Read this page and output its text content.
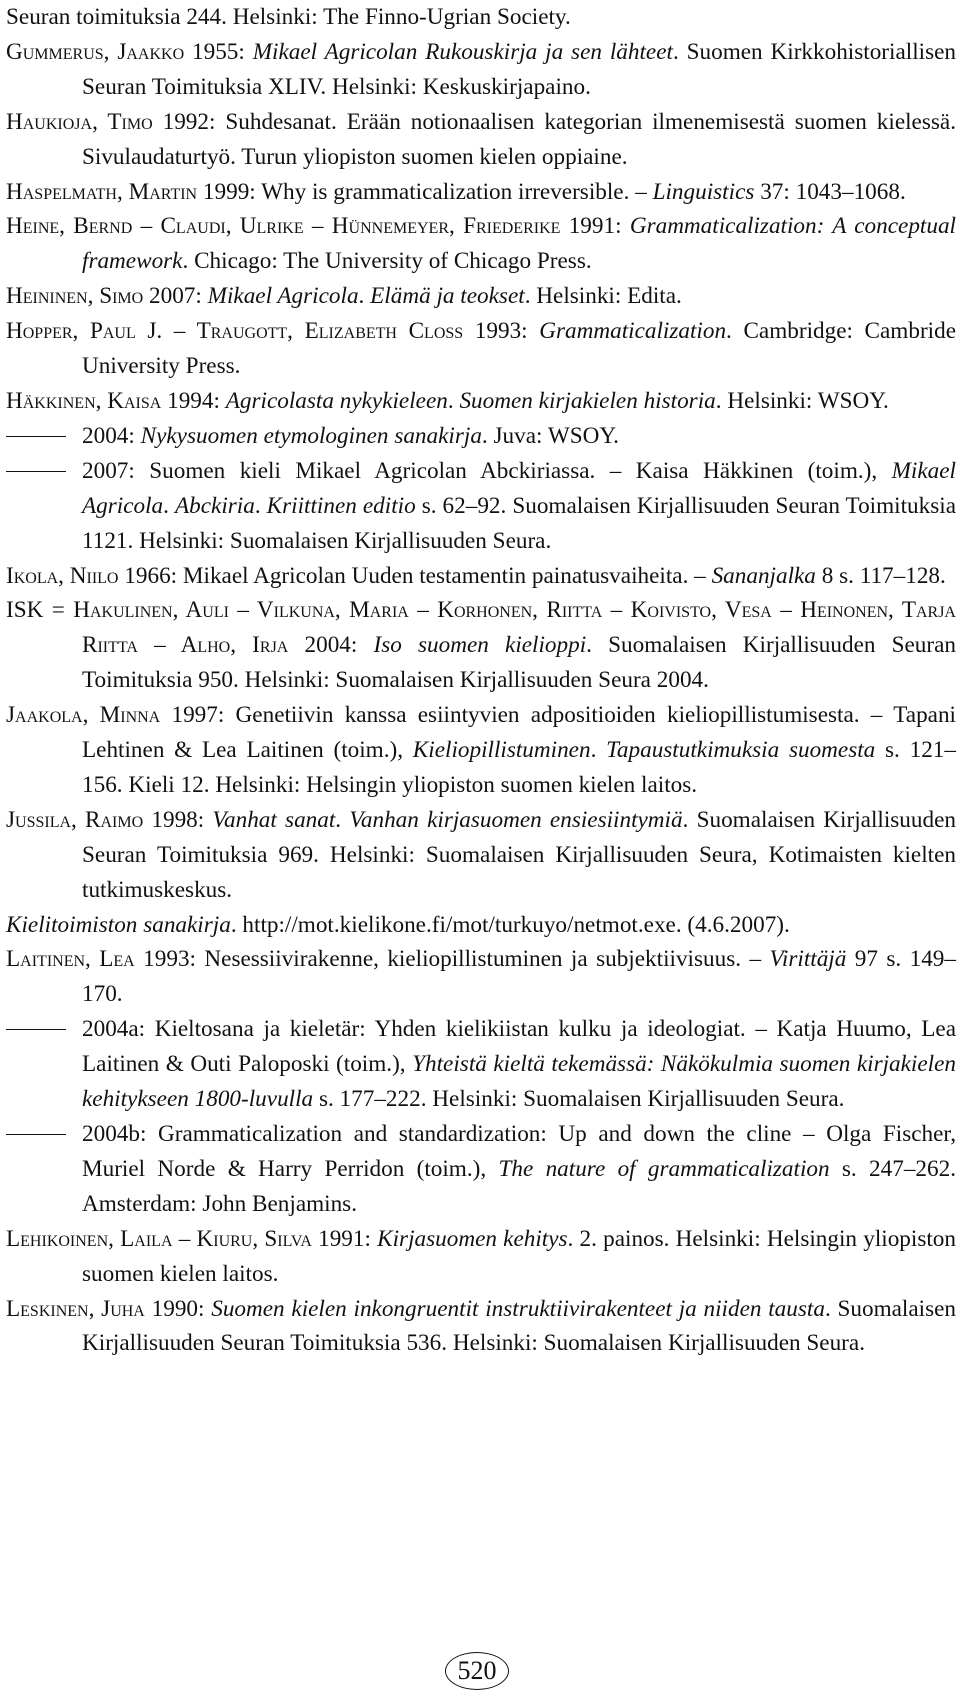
Seuran toimituksia 244. Helsinki: The Finno-Ugrian Society.
Gummerus, Jaakko 1955: Mikael Agricolan Rukouskirja ja sen lähteet. Suomen Kirkkohistoriallisen Seuran Toimituksia XLIV. Helsinki: Keskuskirjapaino.
Haukioja, Timo 1992: Suhdesanat. Erään notionaalisen kategorian ilmenemisestä suomen kielessä. Sivulaudaturtyö. Turun yliopiston suomen kielen oppiaine.
Haspelmath, Martin 1999: Why is grammaticalization irreversible. – Linguistics 37: 1043–1068.
Heine, Bernd – Claudi, Ulrike – Hünnemeyer, Friederike 1991: Grammaticalization: A conceptual framework. Chicago: The University of Chicago Press.
Heininen, Simo 2007: Mikael Agricola. Elämä ja teokset. Helsinki: Edita.
Hopper, Paul J. – Traugott, Elizabeth Closs 1993: Grammaticalization. Cambridge: Cambride University Press.
Häkkinen, Kaisa 1994: Agricolasta nykykieleen. Suomen kirjakielen historia. Helsinki: WSOY.
2004: Nykysuomen etymologinen sanakirja. Juva: WSOY.
2007: Suomen kieli Mikael Agricolan Abckiriassa. – Kaisa Häkkinen (toim.), Mikael Agricola. Abckiria. Kriittinen editio s. 62–92. Suomalaisen Kirjallisuuden Seuran Toimituksia 1121. Helsinki: Suomalaisen Kirjallisuuden Seura.
Ikola, Niilo 1966: Mikael Agricolan Uuden testamentin painatusvaiheita. – Sananjalka 8 s. 117–128.
ISK = Hakulinen, Auli – Vilkuna, Maria – Korhonen, Riitta – Koivisto, Vesa – Heinonen, Tarja Riitta – Alho, Irja 2004: Iso suomen kielioppi. Suomalaisen Kirjallisuuden Seuran Toimituksia 950. Helsinki: Suomalaisen Kirjallisuuden Seura 2004.
Jaakola, Minna 1997: Genetiivin kanssa esiintyvien adpositioiden kieliopillistumisesta. – Tapani Lehtinen & Lea Laitinen (toim.), Kieliopillistuminen. Tapaustutkimuksia suomesta s. 121–156. Kieli 12. Helsinki: Helsingin yliopiston suomen kielen laitos.
Jussila, Raimo 1998: Vanhat sanat. Vanhan kirjasuomen ensiesiintymiä. Suomalaisen Kirjallisuuden Seuran Toimituksia 969. Helsinki: Suomalaisen Kirjallisuuden Seura, Kotimaisten kielten tutkimuskeskus.
Kielitoimiston sanakirja. http://mot.kielikone.fi/mot/turkuyo/netmot.exe. (4.6.2007).
Laitinen, Lea 1993: Nesessiivirakenne, kieliopillistuminen ja subjektiivisuus. – Virittäjä 97 s. 149–170.
2004a: Kieltosana ja kieletär: Yhden kielikiistan kulku ja ideologiat. – Katja Huumo, Lea Laitinen & Outi Paloposki (toim.), Yhteistä kieltä tekemässä: Näkökulmia suomen kirjakielen kehitykseen 1800-luvulla s. 177–222. Helsinki: Suomalaisen Kirjallisuuden Seura.
2004b: Grammaticalization and standardization: Up and down the cline – Olga Fischer, Muriel Norde & Harry Perridon (toim.), The nature of grammaticalization s. 247–262. Amsterdam: John Benjamins.
Lehikoinen, Laila – Kiuru, Silva 1991: Kirjasuomen kehitys. 2. painos. Helsinki: Helsingin yliopiston suomen kielen laitos.
Leskinen, Juha 1990: Suomen kielen inkongruentit instruktiivirakenteet ja niiden tausta. Suomalaisen Kirjallisuuden Seuran Toimituksia 536. Helsinki: Suomalaisen Kirjallisuuden Seura.
520
